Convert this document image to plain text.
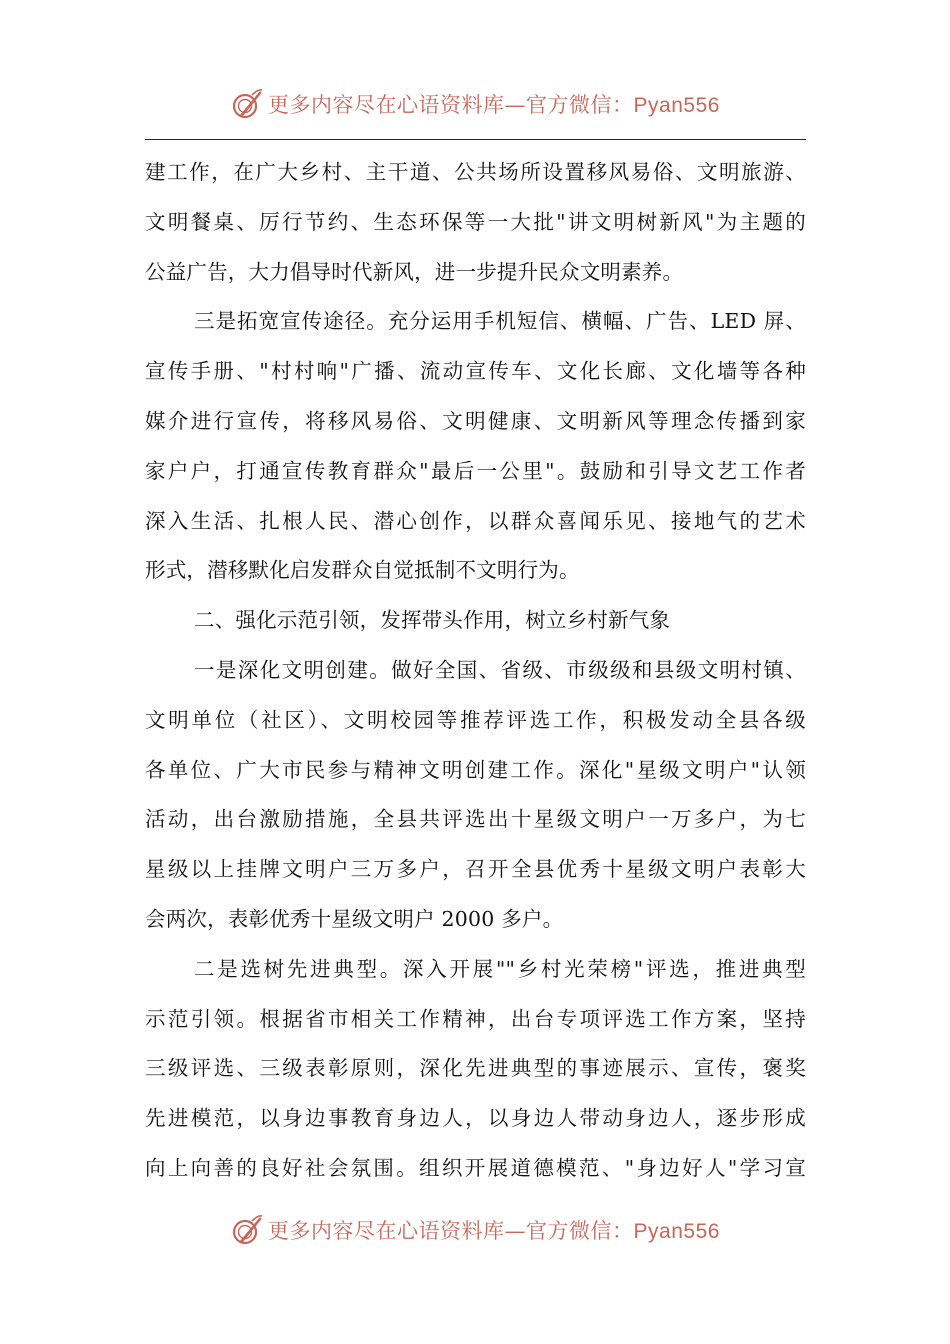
更多内容尽在心语资料库—官方微信：Pyan556
建工作，在广大乡村、主干道、公共场所设置移风易俗、文明旅游、
文明餐桌、厉行节约、生态环保等一大批"讲文明树新风"为主题的
公益广告，大力倡导时代新风，进一步提升民众文明素养。
三是拓宽宣传途径。充分运用手机短信、横幅、广告、LED 屏、
宣传手册、"村村响"广播、流动宣传车、文化长廊、文化墙等各种
媒介进行宣传，将移风易俗、文明健康、文明新风等理念传播到家
家户户，打通宣传教育群众"最后一公里"。鼓励和引导文艺工作者
深入生活、扎根人民、潜心创作，以群众喜闻乐见、接地气的艺术
形式，潜移默化启发群众自觉抵制不文明行为。
二、强化示范引领，发挥带头作用，树立乡村新气象
一是深化文明创建。做好全国、省级、市级级和县级文明村镇、
文明单位（社区）、文明校园等推荐评选工作，积极发动全县各级
各单位、广大市民参与精神文明创建工作。深化"星级文明户"认领
活动，出台激励措施，全县共评选出十星级文明户一万多户，为七
星级以上挂牌文明户三万多户，召开全县优秀十星级文明户表彰大
会两次，表彰优秀十星级文明户 2000 多户。
二是选树先进典型。深入开展""乡村光荣榜"评选，推进典型
示范引领。根据省市相关工作精神，出台专项评选工作方案，坚持
三级评选、三级表彰原则，深化先进典型的事迹展示、宣传，褒奖
先进模范，以身边事教育身边人，以身边人带动身边人，逐步形成
向上向善的良好社会氛围。组织开展道德模范、"身边好人"学习宣
更多内容尽在心语资料库—官方微信：Pyan556
